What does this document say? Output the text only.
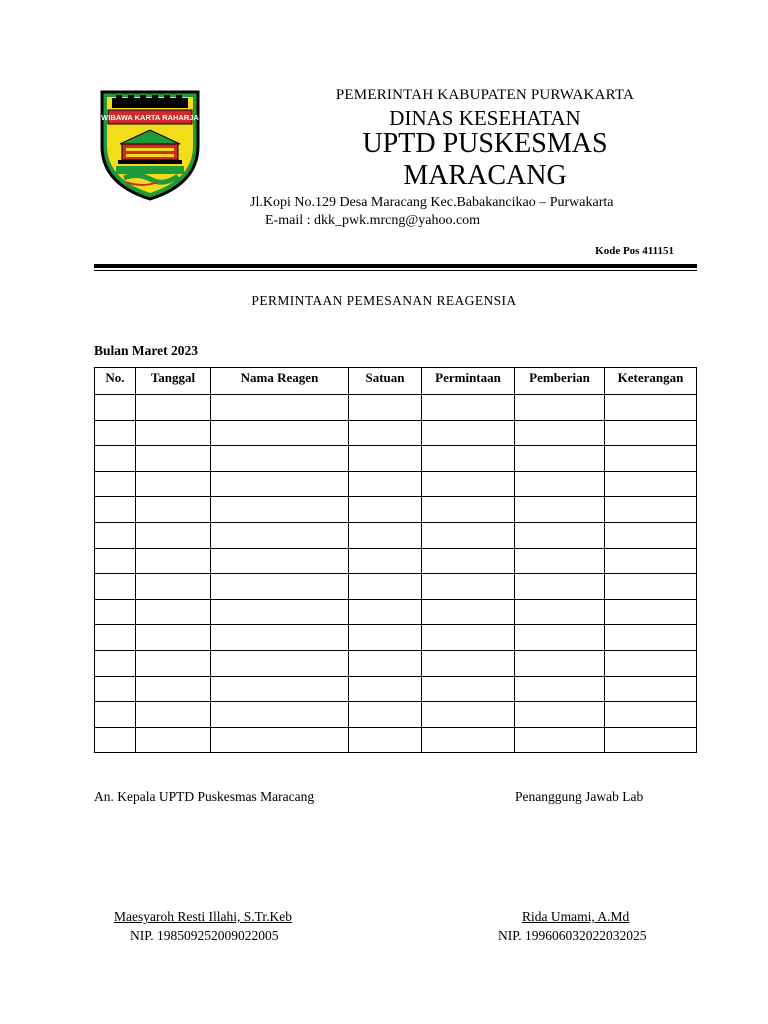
WIBAWA KARTA RAHARJA
PEMERINTAH KABUPATEN PURWAKARTA
DINAS KESEHATAN
UPTD PUSKESMAS
MARACANG
Jl.Kopi No.129 Desa Maracang Kec.Babakancikao – Purwakarta
E-mail : dkk_pwk.mrcng@yahoo.com
Kode Pos 411151
PERMINTAAN PEMESANAN REAGENSIA
Bulan Maret 2023
No.	Tanggal	Nama Reagen	Satuan	Permintaan	Pemberian	Keterangan

An. Kepala UPTD Puskesmas Maracang	Penanggung Jawab Lab
Maesyaroh Resti Illahi, S.Tr.Keb
NIP. 198509252009022005
Rida Umami, A.Md
NIP. 199606032022032025
